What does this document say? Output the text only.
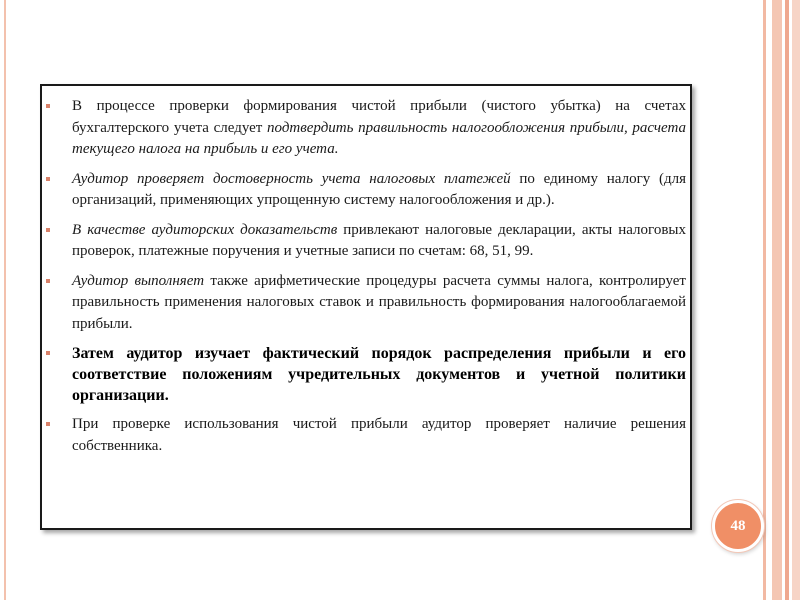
В процессе проверки формирования чистой прибыли (чистого убытка) на счетах бухгалтерского учета следует подтвердить правильность налогообложения прибыли, расчета текущего налога на прибыль и его учета.
Аудитор проверяет достоверность учета налоговых платежей по единому налогу (для организаций, применяющих упрощенную систему налогообложения и др.).
В качестве аудиторских доказательств привлекают налоговые декларации, акты налоговых проверок, платежные поручения и учетные записи по счетам: 68, 51, 99.
Аудитор выполняет также арифметические процедуры расчета суммы налога, контролирует правильность применения налоговых ставок и правильность формирования налогооблагаемой прибыли.
Затем аудитор изучает фактический порядок распределения прибыли и его соответствие положениям учредительных документов и учетной политики организации.
При проверке использования чистой прибыли аудитор проверяет наличие решения собственника.
48
